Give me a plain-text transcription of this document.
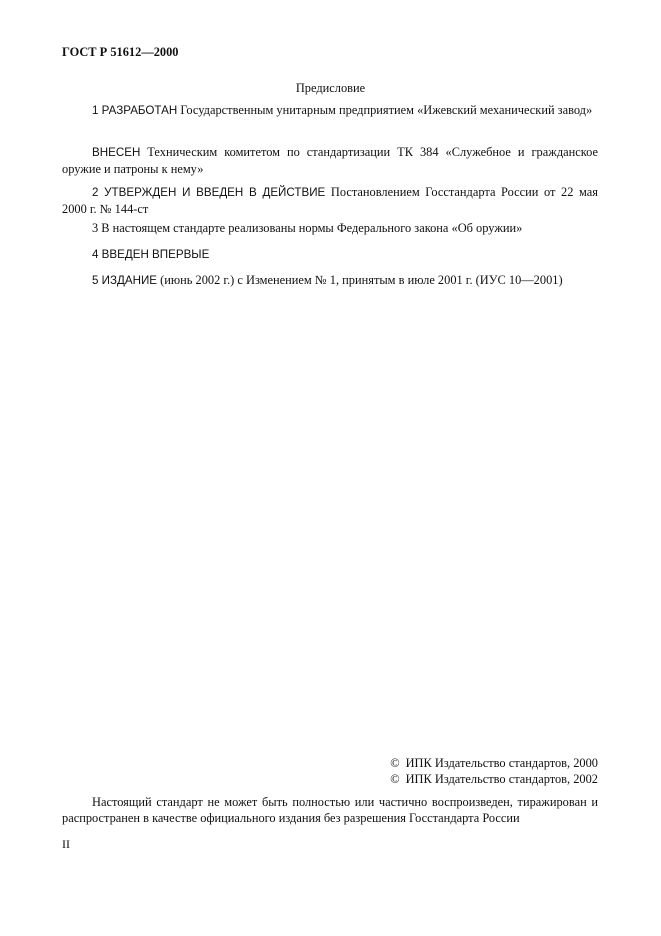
ГОСТ Р 51612—2000
Предисловие

1 РАЗРАБОТАН Государственным унитарным предприятием «Ижевский механический завод»

ВНЕСЕН Техническим комитетом по стандартизации ТК 384 «Служебное и гражданское оружие и патроны к нему»

2 УТВЕРЖДЕН И ВВЕДЕН В ДЕЙСТВИЕ Постановлением Госстандарта России от 22 мая 2000 г. № 144-ст

3 В настоящем стандарте реализованы нормы Федерального закона «Об оружии»

4 ВВЕДЕН ВПЕРВЫЕ

5 ИЗДАНИЕ (июнь 2002 г.) с Изменением № 1, принятым в июле 2001 г. (ИУС 10—2001)

© ИПК Издательство стандартов, 2000
© ИПК Издательство стандартов, 2002

Настоящий стандарт не может быть полностью или частично воспроизведен, тиражирован и распространен в качестве официального издания без разрешения Госстандарта России

II
